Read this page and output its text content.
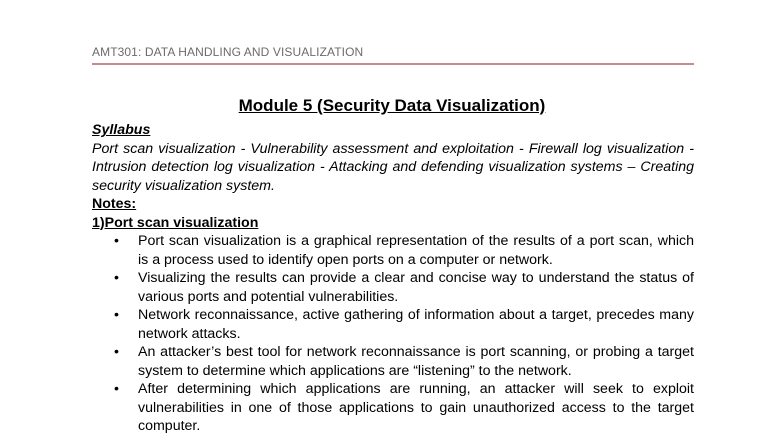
AMT301: DATA HANDLING AND VISUALIZATION
Module 5 (Security Data Visualization)
Syllabus
Port scan visualization - Vulnerability assessment and exploitation - Firewall log visualization - Intrusion detection log visualization - Attacking and defending visualization systems – Creating security visualization system.
Notes:
1)Port scan visualization
• Port scan visualization is a graphical representation of the results of a port scan, which is a process used to identify open ports on a computer or network.
• Visualizing the results can provide a clear and concise way to understand the status of various ports and potential vulnerabilities.
• Network reconnaissance, active gathering of information about a target, precedes many network attacks.
• An attacker’s best tool for network reconnaissance is port scanning, or probing a target system to determine which applications are “listening” to the network.
• After determining which applications are running, an attacker will seek to exploit vulnerabilities in one of those applications to gain unauthorized access to the target computer.
